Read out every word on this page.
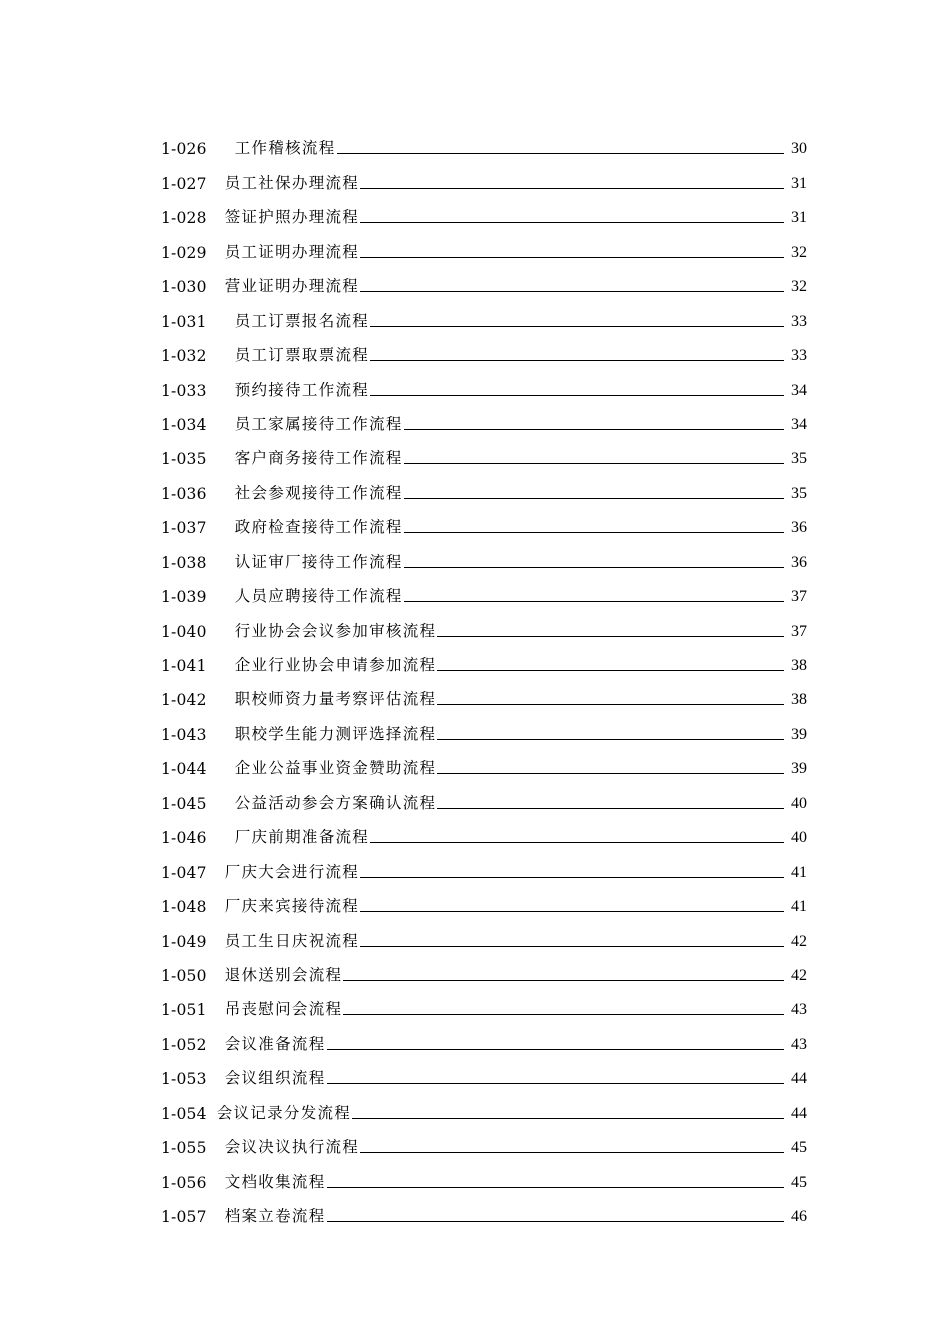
1-026 工作稽核流程	30
1-027 员工社保办理流程	31
1-028 签证护照办理流程	31
1-029 员工证明办理流程	32
1-030 营业证明办理流程	32
1-031 员工订票报名流程	33
1-032 员工订票取票流程	33
1-033 预约接待工作流程	34
1-034 员工家属接待工作流程	34
1-035 客户商务接待工作流程	35
1-036 社会参观接待工作流程	35
1-037 政府检查接待工作流程	36
1-038 认证审厂接待工作流程	36
1-039 人员应聘接待工作流程	37
1-040 行业协会会议参加审核流程	37
1-041 企业行业协会申请参加流程	38
1-042 职校师资力量考察评估流程	38
1-043 职校学生能力测评选择流程	39
1-044 企业公益事业资金赞助流程	39
1-045 公益活动参会方案确认流程	40
1-046 厂庆前期准备流程	40
1-047 厂庆大会进行流程	41
1-048 厂庆来宾接待流程	41
1-049 员工生日庆祝流程	42
1-050 退休送别会流程	42
1-051 吊丧慰问会流程	43
1-052 会议准备流程	43
1-053 会议组织流程	44
1-054 会议记录分发流程	44
1-055 会议决议执行流程	45
1-056 文档收集流程	45
1-057 档案立卷流程	46
